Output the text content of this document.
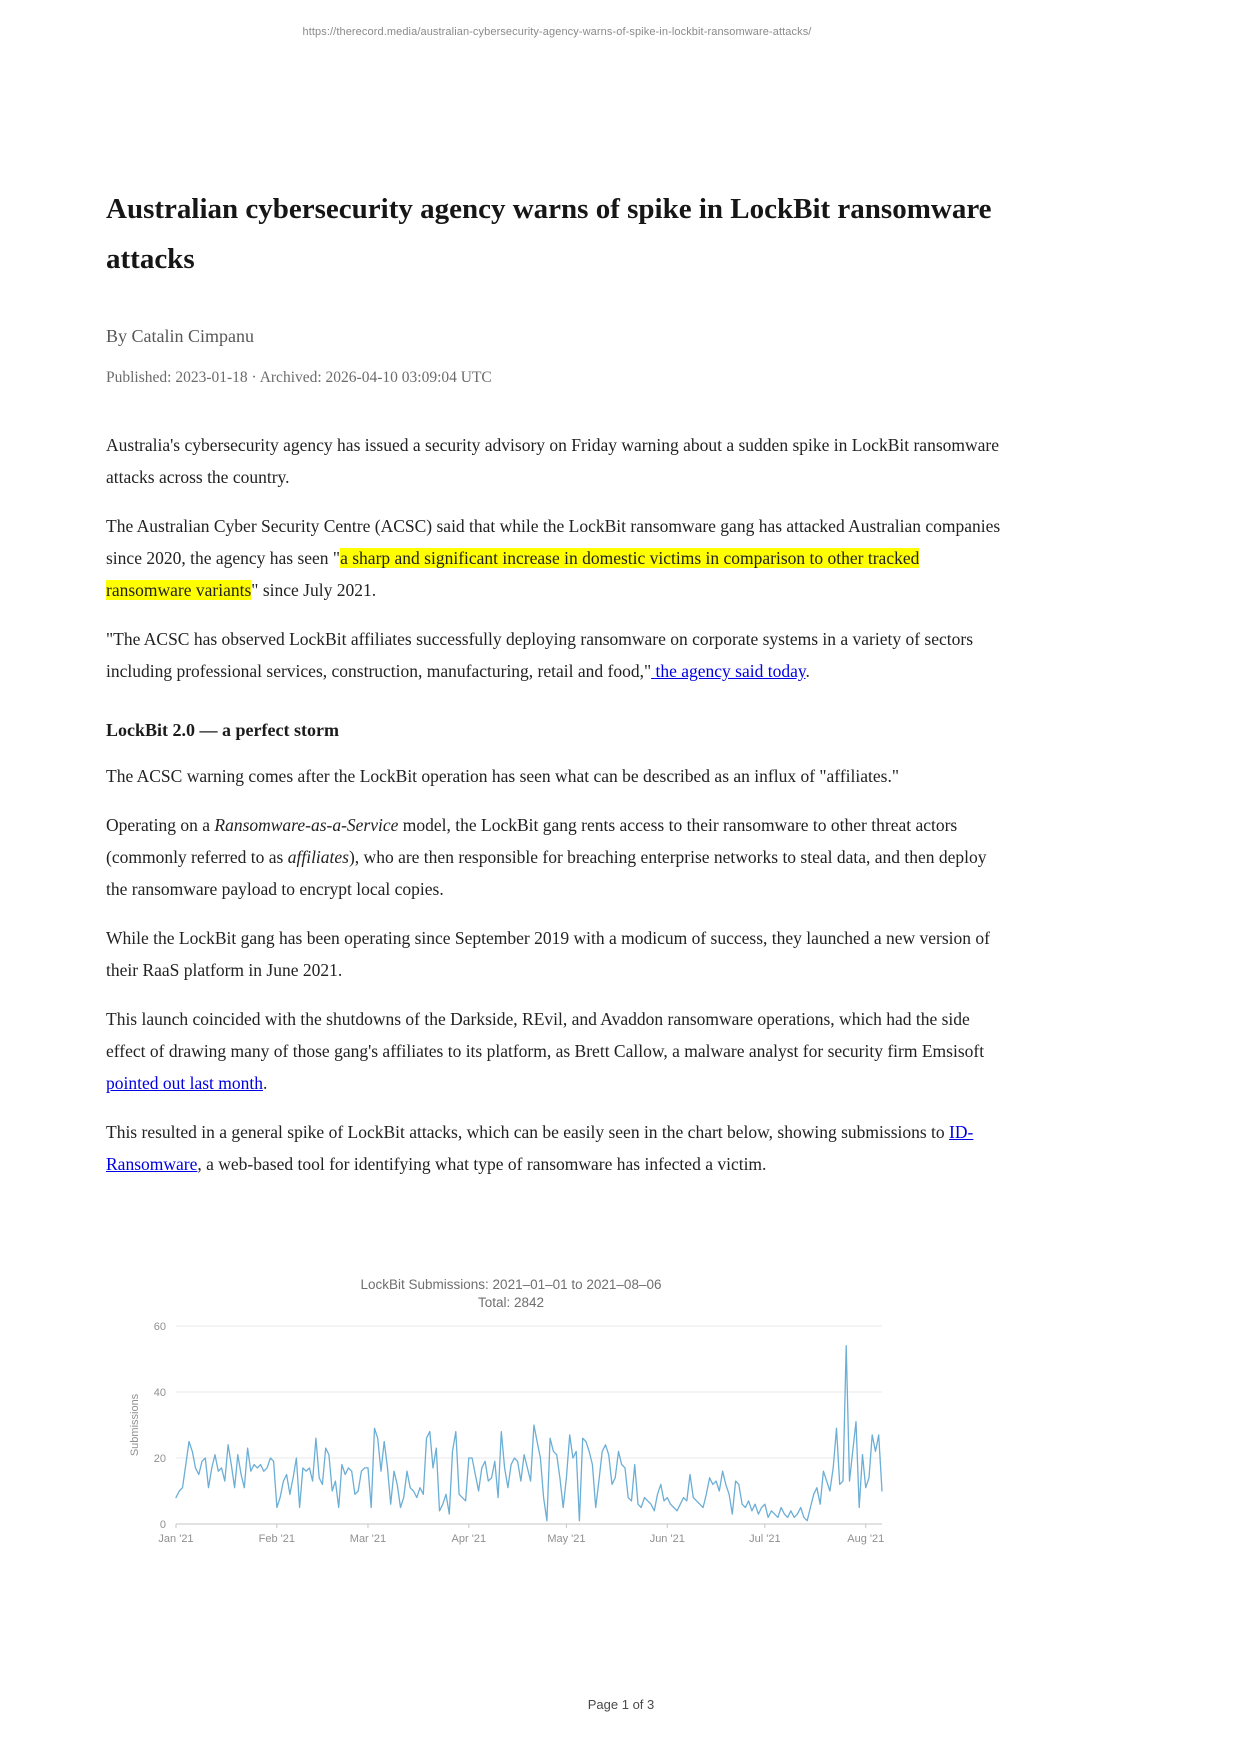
https://therecord.media/australian-cybersecurity-agency-warns-of-spike-in-lockbit-ransomware-attacks/
Australian cybersecurity agency warns of spike in LockBit ransomware attacks
By Catalin Cimpanu
Published: 2023-01-18 · Archived: 2026-04-10 03:09:04 UTC

Australia's cybersecurity agency has issued a security advisory on Friday warning about a sudden spike in LockBit ransomware attacks across the country.

The Australian Cyber Security Centre (ACSC) said that while the LockBit ransomware gang has attacked Australian companies since 2020, the agency has seen "a sharp and significant increase in domestic victims in comparison to other tracked ransomware variants" since July 2021.

"The ACSC has observed LockBit affiliates successfully deploying ransomware on corporate systems in a variety of sectors including professional services, construction, manufacturing, retail and food," the agency said today.

LockBit 2.0 — a perfect storm

The ACSC warning comes after the LockBit operation has seen what can be described as an influx of "affiliates."

Operating on a Ransomware-as-a-Service model, the LockBit gang rents access to their ransomware to other threat actors (commonly referred to as affiliates), who are then responsible for breaching enterprise networks to steal data, and then deploy the ransomware payload to encrypt local copies.

While the LockBit gang has been operating since September 2019 with a modicum of success, they launched a new version of their RaaS platform in June 2021.

This launch coincided with the shutdowns of the Darkside, REvil, and Avaddon ransomware operations, which had the side effect of drawing many of those gang's affiliates to its platform, as Brett Callow, a malware analyst for security firm Emsisoft pointed out last month.

This resulted in a general spike of LockBit attacks, which can be easily seen in the chart below, showing submissions to ID-Ransomware, a web-based tool for identifying what type of ransomware has infected a victim.

LockBit Submissions: 2021–01–01 to 2021–08–06
Total: 2842
0
20
40
60
Jan '21	Feb '21	Mar '21	Apr '21	May '21	Jun '21	Jul '21	Aug '21
Submissions
Page 1 of 3
